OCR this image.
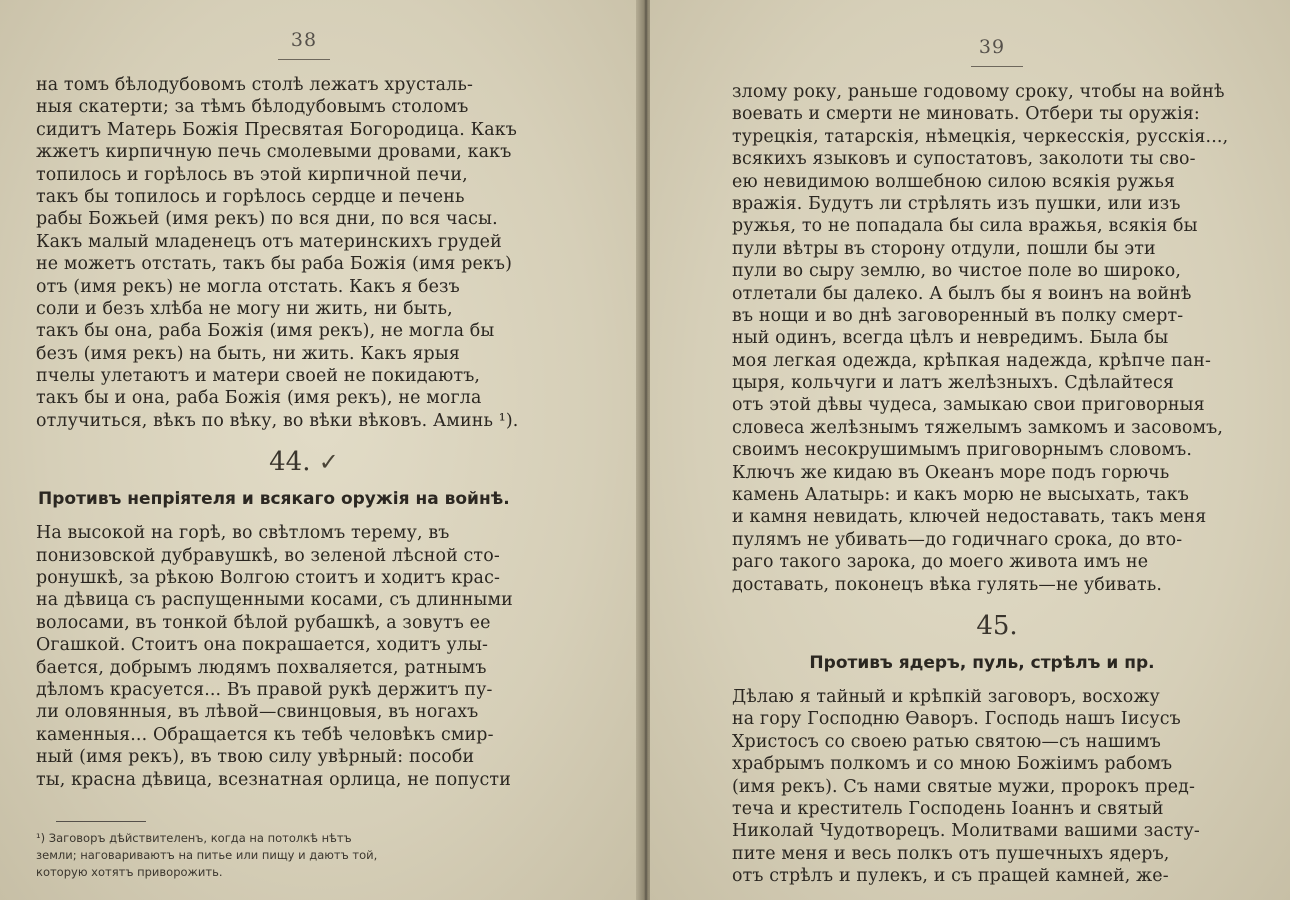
38
на томъ бѣлодубовомъ столѣ лежатъ хрусталь-
ныя скатерти; за тѣмъ бѣлодубовымъ столомъ
сидитъ Матерь Божія Пресвятая Богородица. Какъ
жжетъ кирпичную печь смолевыми дровами, какъ
топилось и горѣлось въ этой кирпичной печи,
такъ бы топилось и горѣлось сердце и печень
рабы Божьей (имя рекъ) по вся дни, по вся часы.
Какъ малый младенецъ отъ материнскихъ грудей
не можетъ отстать, такъ бы раба Божія (имя рекъ)
отъ (имя рекъ) не могла отстать. Какъ я безъ
соли и безъ хлѣба не могу ни жить, ни быть,
такъ бы она, раба Божія (имя рекъ), не могла бы
безъ (имя рекъ) на быть, ни жить. Какъ ярыя
пчелы улетаютъ и матери своей не покидаютъ,
такъ бы и она, раба Божія (имя рекъ), не могла
отлучиться, вѣкъ по вѣку, во вѣки вѣковъ. Аминь ¹).
44. ✓
Противъ непріятеля и всякаго оружія на войнѣ.
На высокой на горѣ, во свѣтломъ терему, въ
понизовской дубравушкѣ, во зеленой лѣсной сто-
ронушкѣ, за рѣкою Волгою стоитъ и ходитъ крас-
на дѣвица съ распущенными косами, съ длинными
волосами, въ тонкой бѣлой рубашкѣ, а зовутъ ее
Огашкой. Стоитъ она покрашается, ходитъ улы-
бается, добрымъ людямъ похваляется, ратнымъ
дѣломъ красуется... Въ правой рукѣ держитъ пу-
ли оловянныя, въ лѣвой—свинцовыя, въ ногахъ
каменныя... Обращается къ тебѣ человѣкъ смир-
ный (имя рекъ), въ твою силу увѣрный: пособи
ты, красна дѣвица, всезнатная орлица, не попусти
¹) Заговоръ дѣйствителенъ, когда на потолкѣ нѣтъ
земли; наговариваютъ на питье или пищу и даютъ той,
которую хотятъ приворожить.
39
злому року, раньше годовому сроку, чтобы на войнѣ
воевать и смерти не миновать. Отбери ты оружія:
турецкія, татарскія, нѣмецкія, черкесскія, русскія...,
всякихъ языковъ и супостатовъ, заколоти ты сво-
ею невидимою волшебною силою всякія ружья
вражія. Будутъ ли стрѣлять изъ пушки, или изъ
ружья, то не попадала бы сила вражья, всякія бы
пули вѣтры въ сторону отдули, пошли бы эти
пули во сыру землю, во чистое поле во широко,
отлетали бы далеко. А былъ бы я воинъ на войнѣ
въ нощи и во днѣ заговоренный въ полку смерт-
ный одинъ, всегда цѣлъ и невредимъ. Была бы
моя легкая одежда, крѣпкая надежда, крѣпче пан-
цыря, кольчуги и латъ желѣзныхъ. Сдѣлайтеся
отъ этой дѣвы чудеса, замыкаю свои приговорныя
словеса желѣзнымъ тяжелымъ замкомъ и засовомъ,
своимъ несокрушимымъ приговорнымъ словомъ.
Ключъ же кидаю въ Океанъ море подъ горючь
камень Алатырь: и какъ морю не высыхать, такъ
и камня невидать, ключей недоставать, такъ меня
пулямъ не убивать—до годичнаго срока, до вто-
раго такого зарока, до моего живота имъ не
доставать, поконецъ вѣка гулять—не убивать.
45.
Противъ ядеръ, пуль, стрѣлъ и пр.
Дѣлаю я тайный и крѣпкій заговоръ, восхожу
на гору Господню Ѳаворъ. Господь нашъ Іисусъ
Христосъ со своею ратью святою—съ нашимъ
храбрымъ полкомъ и со мною Божіимъ рабомъ
(имя рекъ). Съ нами святые мужи, пророкъ пред-
теча и креститель Господень Іоаннъ и святый
Николай Чудотворецъ. Молитвами вашими засту-
пите меня и весь полкъ отъ пушечныхъ ядеръ,
отъ стрѣлъ и пулекъ, и съ пращей камней, же-
